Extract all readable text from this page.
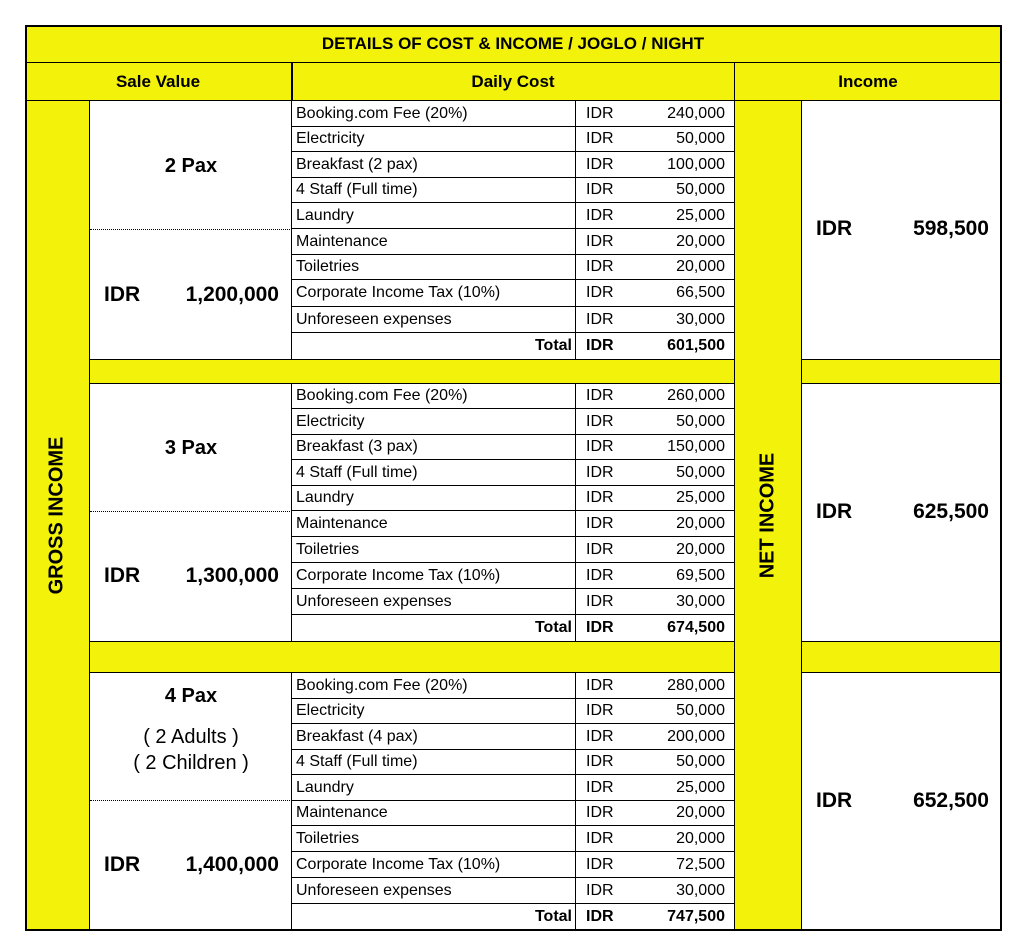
DETAILS OF COST & INCOME / JOGLO / NIGHT
Sale Value	Daily Cost	Income
GROSS INCOME	NET INCOME
2 Pax
IDR 1,200,000
IDR	598,500
Booking.com Fee (20%)	IDR	240,000
Electricity	IDR	50,000
Breakfast (2 pax)	IDR	100,000
4 Staff (Full time)	IDR	50,000
Laundry	IDR	25,000
Maintenance	IDR	20,000
Toiletries	IDR	20,000
Corporate Income Tax (10%)	IDR	66,500
Unforeseen expenses	IDR	30,000
Total IDR	601,500
3 Pax
IDR 1,300,000
IDR	625,500
Booking.com Fee (20%)	IDR	260,000
Electricity	IDR	50,000
Breakfast (3 pax)	IDR	150,000
4 Staff (Full time)	IDR	50,000
Laundry	IDR	25,000
Maintenance	IDR	20,000
Toiletries	IDR	20,000
Corporate Income Tax (10%)	IDR	69,500
Unforeseen expenses	IDR	30,000
Total IDR	674,500
4 Pax
( 2 Adults )
( 2 Children )
IDR 1,400,000
IDR	652,500
Booking.com Fee (20%)	IDR	280,000
Electricity	IDR	50,000
Breakfast (4 pax)	IDR	200,000
4 Staff (Full time)	IDR	50,000
Laundry	IDR	25,000
Maintenance	IDR	20,000
Toiletries	IDR	20,000
Corporate Income Tax (10%)	IDR	72,500
Unforeseen expenses	IDR	30,000
Total IDR	747,500
